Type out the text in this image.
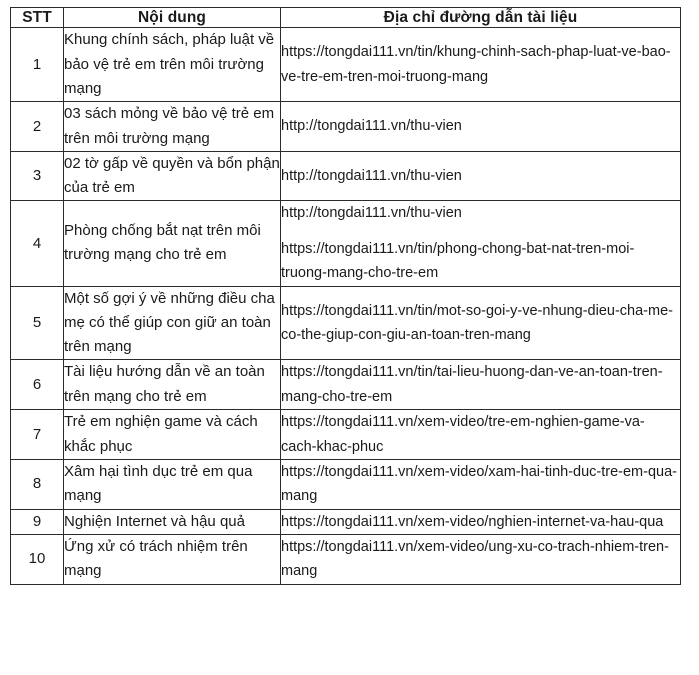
STT	Nội dung	Địa chỉ đường dẫn tài liệu
1	Khung chính sách, pháp luật về bảo vệ trẻ em trên môi trường mạng	https://tongdai111.vn/tin/khung-chinh-sach-phap-luat-ve-bao-ve-tre-em-tren-moi-truong-mang

2	03 sách mỏng về bảo vệ trẻ em trên môi trường mạng	http://tongdai111.vn/thu-vien

3	02 tờ gấp về quyền và bổn phận của trẻ em	http://tongdai111.vn/thu-vien

4	Phòng chống bắt nạt trên môi trường mạng cho trẻ em	http://tongdai111.vn/thu-vien
https://tongdai111.vn/tin/phong-chong-bat-nat-tren-moi-truong-mang-cho-tre-em

5	Một số gợi ý về những điều cha mẹ có thể giúp con giữ an toàn trên mạng	https://tongdai111.vn/tin/mot-so-goi-y-ve-nhung-dieu-cha-me-co-the-giup-con-giu-an-toan-tren-mang

6	Tài liệu hướng dẫn về an toàn trên mạng cho trẻ em	https://tongdai111.vn/tin/tai-lieu-huong-dan-ve-an-toan-tren-mang-cho-tre-em

7	Trẻ em nghiện game và cách khắc phục	https://tongdai111.vn/xem-video/tre-em-nghien-game-va-cach-khac-phuc

8	Xâm hại tình dục trẻ em qua mạng	https://tongdai111.vn/xem-video/xam-hai-tinh-duc-tre-em-qua-mang

9	Nghiện Internet và hậu quả	https://tongdai111.vn/xem-video/nghien-internet-va-hau-qua

10	Ứng xử có trách nhiệm trên mạng	https://tongdai111.vn/xem-video/ung-xu-co-trach-nhiem-tren-mang
